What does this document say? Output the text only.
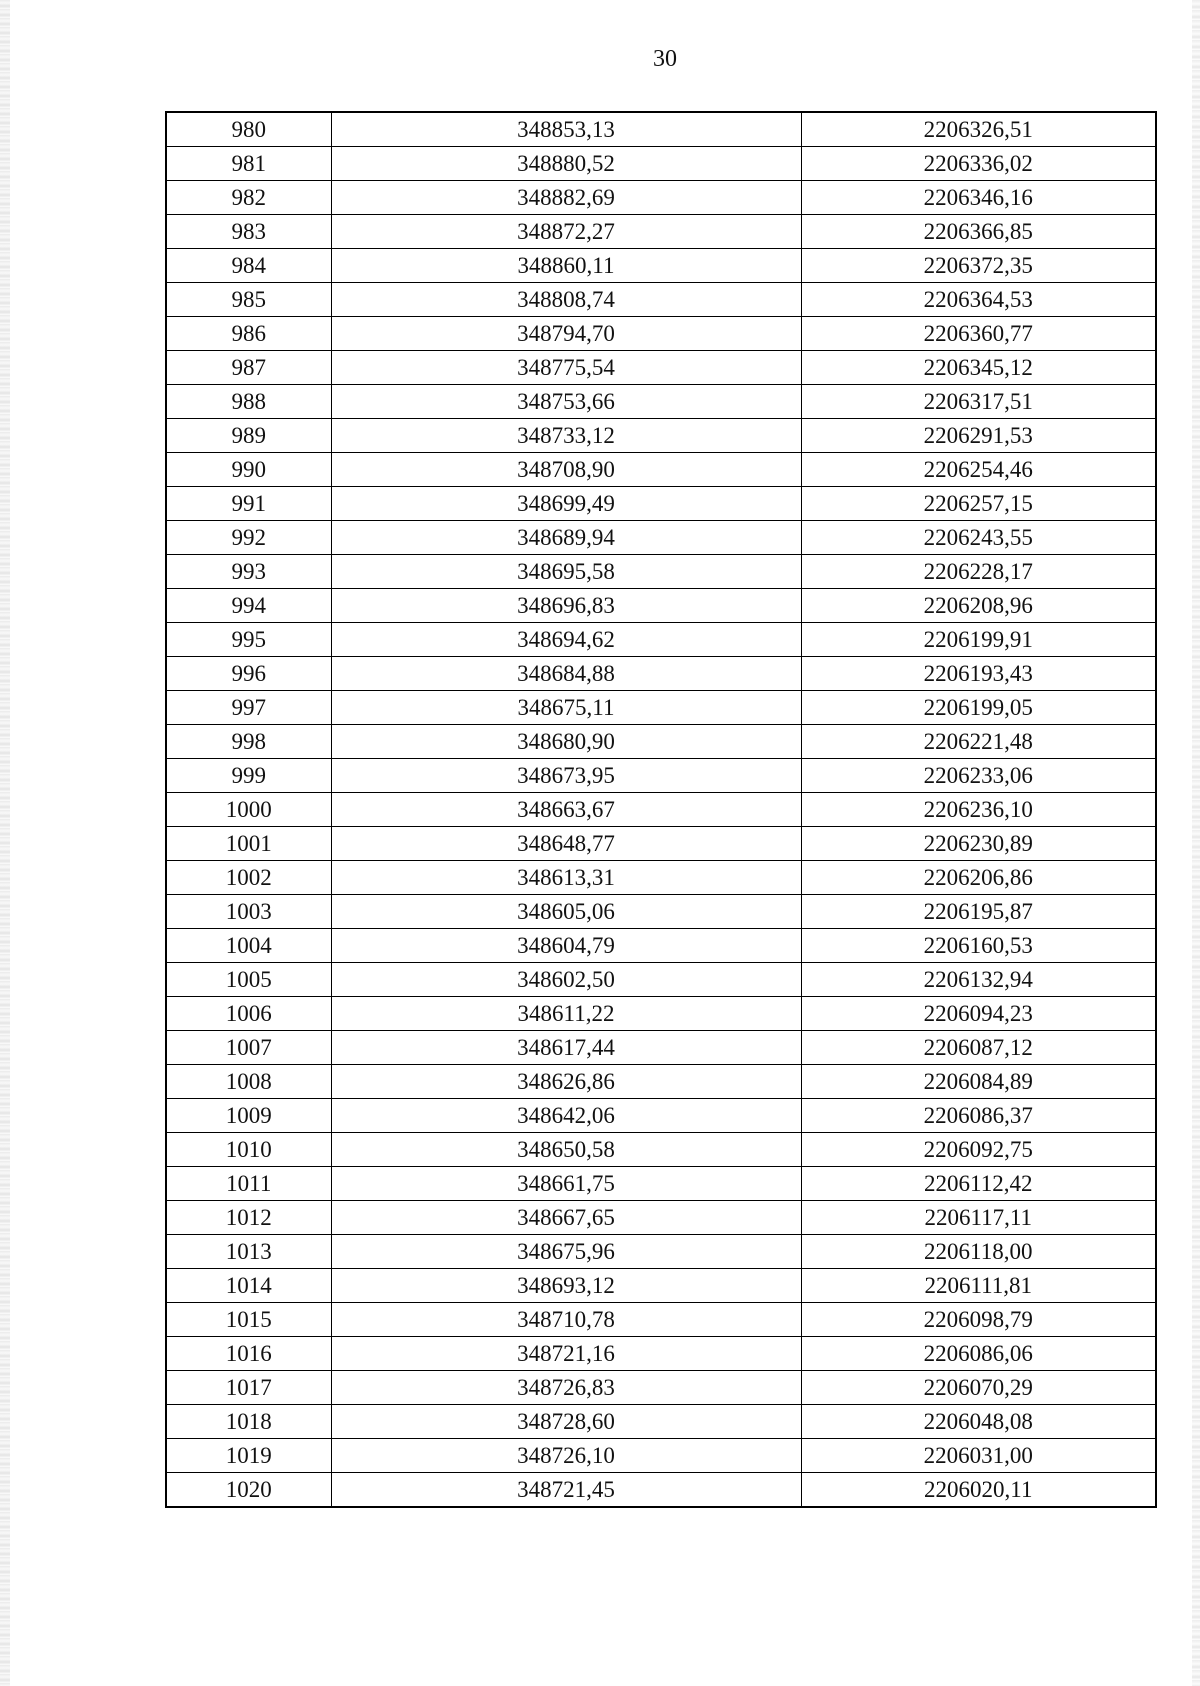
30
980	348853,13	2206326,51
981	348880,52	2206336,02
982	348882,69	2206346,16
983	348872,27	2206366,85
984	348860,11	2206372,35
985	348808,74	2206364,53
986	348794,70	2206360,77
987	348775,54	2206345,12
988	348753,66	2206317,51
989	348733,12	2206291,53
990	348708,90	2206254,46
991	348699,49	2206257,15
992	348689,94	2206243,55
993	348695,58	2206228,17
994	348696,83	2206208,96
995	348694,62	2206199,91
996	348684,88	2206193,43
997	348675,11	2206199,05
998	348680,90	2206221,48
999	348673,95	2206233,06
1000	348663,67	2206236,10
1001	348648,77	2206230,89
1002	348613,31	2206206,86
1003	348605,06	2206195,87
1004	348604,79	2206160,53
1005	348602,50	2206132,94
1006	348611,22	2206094,23
1007	348617,44	2206087,12
1008	348626,86	2206084,89
1009	348642,06	2206086,37
1010	348650,58	2206092,75
1011	348661,75	2206112,42
1012	348667,65	2206117,11
1013	348675,96	2206118,00
1014	348693,12	2206111,81
1015	348710,78	2206098,79
1016	348721,16	2206086,06
1017	348726,83	2206070,29
1018	348728,60	2206048,08
1019	348726,10	2206031,00
1020	348721,45	2206020,11
